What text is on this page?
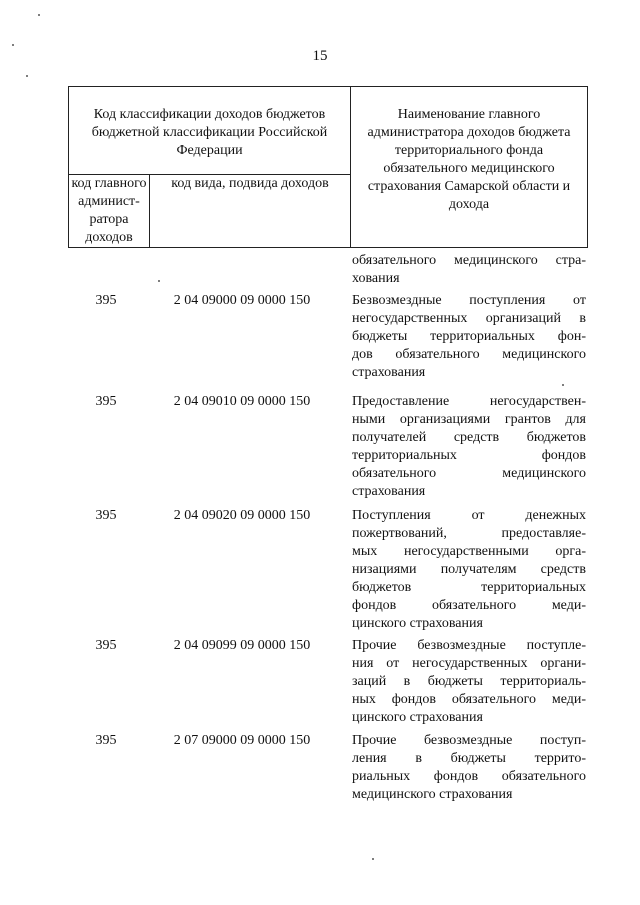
15
Код классификации доходов бюджетов бюджетной классификации Российской Федерации		Наименование главного администратора доходов бюджета территориального фонда обязательного медицинского страхования Самарской области и дохода
код главного админист-ратора доходов	код вида, подвида доходов	
обязательного медицинского стра-
хования
395	2 04 09000 09 0000 150	Безвозмездные поступления от
негосударственных организаций в
бюджеты территориальных фон-
дов обязательного медицинского
страхования
395	2 04 09010 09 0000 150	Предоставление негосударствен-
ными организациями грантов для
получателей средств бюджетов
территориальных фондов
обязательного медицинского
страхования
395	2 04 09020 09 0000 150	Поступления от денежных
пожертвований, предоставляе-
мых негосударственными орга-
низациями получателям средств
бюджетов территориальных
фондов обязательного меди-
цинского страхования
395	2 04 09099 09 0000 150	Прочие безвозмездные поступле-
ния от негосударственных органи-
заций в бюджеты территориаль-
ных фондов обязательного меди-
цинского страхования
395	2 07 09000 09 0000 150	Прочие безвозмездные поступ-
ления в бюджеты террито-
риальных фондов обязательного
медицинского страхования
